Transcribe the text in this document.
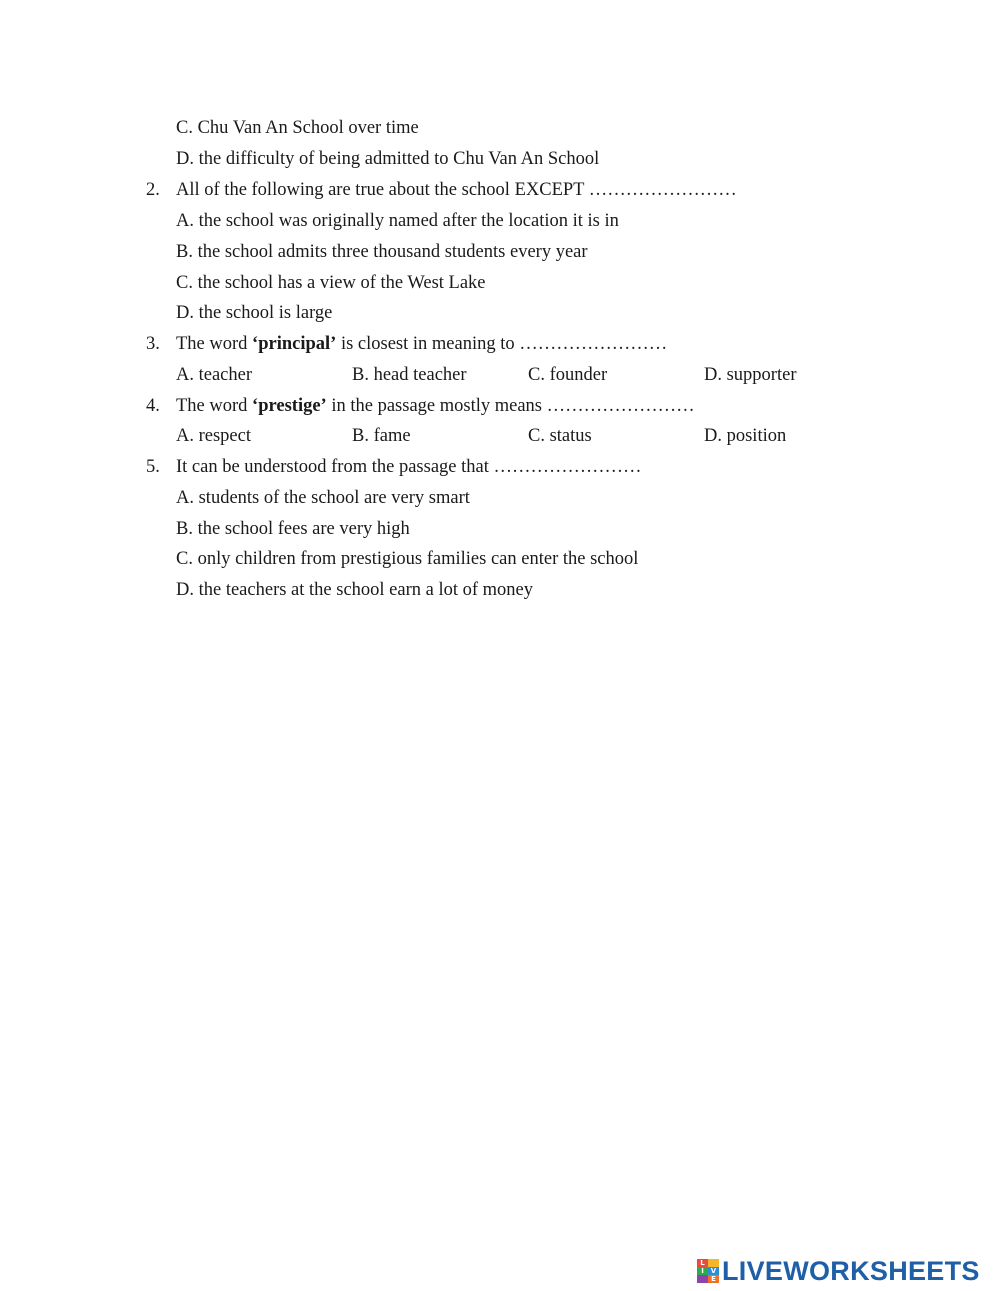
C. Chu Van An School over time
D. the difficulty of being admitted to Chu Van An School
2. All of the following are true about the school EXCEPT ……………………
A. the school was originally named after the location it is in
B. the school admits three thousand students every year
C. the school has a view of the West Lake
D. the school is large
3. The word ‘principal’ is closest in meaning to ……………………
A. teacher	B. head teacher	C. founder	D. supporter
4. The word ‘prestige’ in the passage mostly means ……………………
A. respect	B. fame	C. status	D. position
5. It can be understood from the passage that ……………………
A. students of the school are very smart
B. the school fees are very high
C. only children from prestigious families can enter the school
D. the teachers at the school earn a lot of money
L
I V
E LIVEWORKSHEETS
